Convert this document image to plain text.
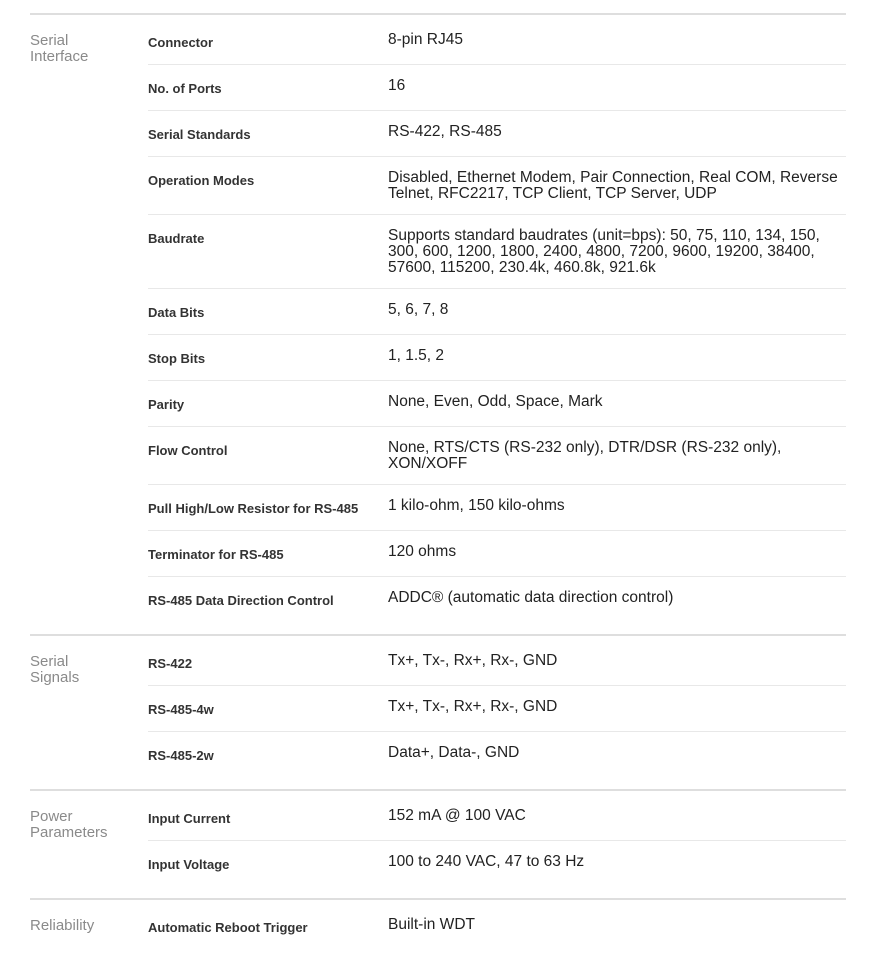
Serial
Interface
Connector	8-pin RJ45
No. of Ports	16
Serial Standards	RS-422, RS-485
Operation Modes	Disabled, Ethernet Modem, Pair Connection, Real COM, Reverse Telnet, RFC2217, TCP Client, TCP Server, UDP
Baudrate	Supports standard baudrates (unit=bps): 50, 75, 110, 134, 150, 300, 600, 1200, 1800, 2400, 4800, 7200, 9600, 19200, 38400, 57600, 115200, 230.4k, 460.8k, 921.6k
Data Bits	5, 6, 7, 8
Stop Bits	1, 1.5, 2
Parity	None, Even, Odd, Space, Mark
Flow Control	None, RTS/CTS (RS-232 only), DTR/DSR (RS-232 only), XON/XOFF
Pull High/Low Resistor for RS-485	1 kilo-ohm, 150 kilo-ohms
Terminator for RS-485	120 ohms
RS-485 Data Direction Control	ADDC® (automatic data direction control)
Serial
Signals
RS-422	Tx+, Tx-, Rx+, Rx-, GND
RS-485-4w	Tx+, Tx-, Rx+, Rx-, GND
RS-485-2w	Data+, Data-, GND
Power
Parameters
Input Current	152 mA @ 100 VAC
Input Voltage	100 to 240 VAC, 47 to 63 Hz
Reliability	Automatic Reboot Trigger	Built-in WDT
